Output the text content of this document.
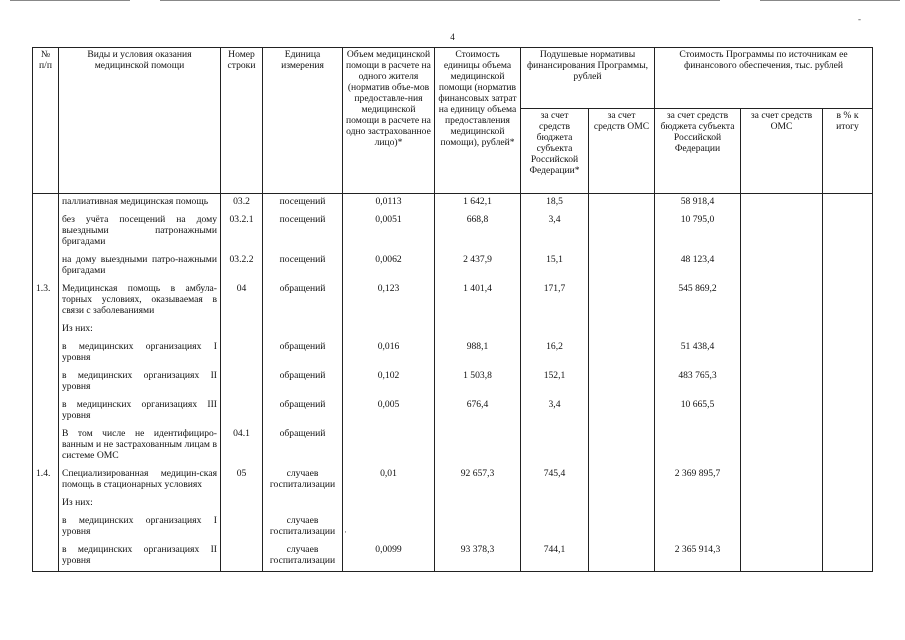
4
-
·
№ п/п	Виды и условия оказания медицинской помощи	Номер строки	Единица измерения	Объем медицинской помощи в расчете на одного жителя (норматив объе-мов предоставле-ния медицинской помощи в расчете на одно застрахованное лицо)*	Стоимость единицы объема медицинской помощи (норматив финансовых затрат на единицу объема предоставления медицинской помощи), рублей*	Подушевые нормативы финансирования Программы, рублей		Стоимость Программы по источникам ее финансового обеспечения, тыс. рублей		
						за счет средств бюджета субъекта Российской Федерации*	за счет средств ОМС	за счет средств бюджета субъекта Российской Федерации	за счет средств ОМС	в % к итогу
	паллиативная медицинская помощь	03.2	посещений	0,0113	1 642,1	18,5		58 918,4		
	без учёта посещений на дому выездными патронажными бригадами	03.2.1	посещений	0,0051	668,8	3,4		10 795,0		
	на дому выездными патро-нажными бригадами	03.2.2	посещений	0,0062	2 437,9	15,1		48 123,4		
1.3.	Медицинская помощь в амбула-торных условиях, оказываемая в связи с заболеваниями	04	обращений	0,123	1 401,4	171,7		545 869,2		
	Из них:									
	в медицинских организациях I уровня		обращений	0,016	988,1	16,2		51 438,4		
	в медицинских организациях II уровня		обращений	0,102	1 503,8	152,1		483 765,3		
	в медицинских организациях III уровня		обращений	0,005	676,4	3,4		10 665,5		
	В том числе не идентифициро-ванным и не застрахованным лицам в системе ОМС	04.1	обращений							
1.4.	Специализированная медицин-ская помощь в стационарных условиях	05	случаев госпитализации	0,01	92 657,3	745,4		2 369 895,7		
	Из них:									
	в медицинских организациях I уровня		случаев госпитализации							
	в медицинских организациях II уровня		случаев госпитализации	0,0099	93 378,3	744,1		2 365 914,3		
